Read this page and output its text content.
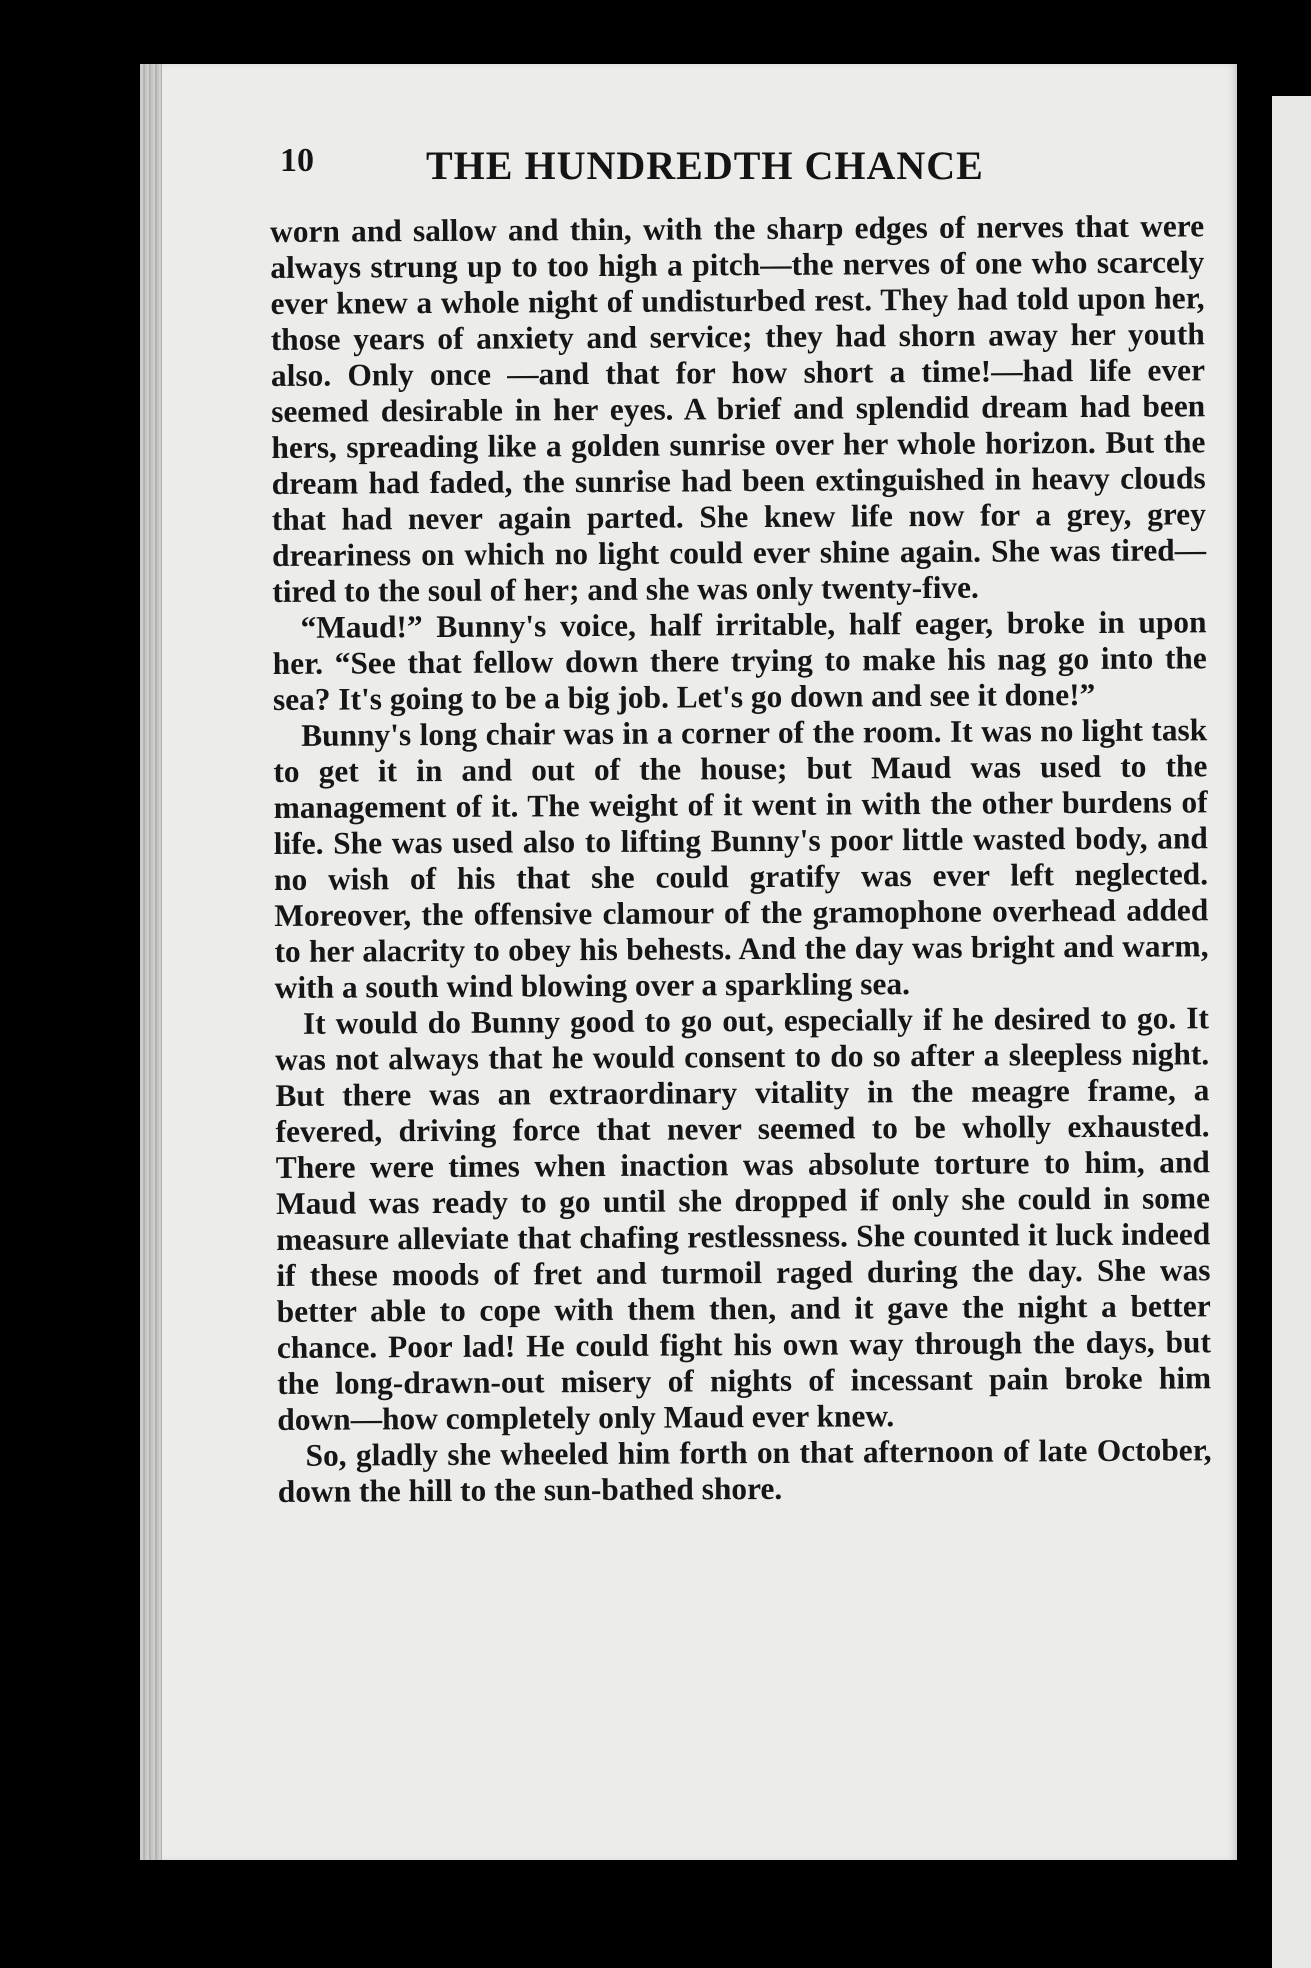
10	THE HUNDREDTH CHANCE

worn and sallow and thin, with the sharp edges of nerves that were always strung up to too high a pitch—the nerves of one who scarcely ever knew a whole night of undisturbed rest. They had told upon her, those years of anxiety and service; they had shorn away her youth also. Only once —and that for how short a time!—had life ever seemed desirable in her eyes. A brief and splendid dream had been hers, spreading like a golden sunrise over her whole horizon. But the dream had faded, the sunrise had been extinguished in heavy clouds that had never again parted. She knew life now for a grey, grey dreariness on which no light could ever shine again. She was tired—tired to the soul of her; and she was only twenty-five.

“Maud!” Bunny's voice, half irritable, half eager, broke in upon her. “See that fellow down there trying to make his nag go into the sea? It's going to be a big job. Let's go down and see it done!”

Bunny's long chair was in a corner of the room. It was no light task to get it in and out of the house; but Maud was used to the management of it. The weight of it went in with the other burdens of life. She was used also to lifting Bunny's poor little wasted body, and no wish of his that she could gratify was ever left neglected. Moreover, the offensive clamour of the gramophone overhead added to her alacrity to obey his behests. And the day was bright and warm, with a south wind blowing over a sparkling sea.

It would do Bunny good to go out, especially if he desired to go. It was not always that he would consent to do so after a sleepless night. But there was an extraordinary vitality in the meagre frame, a fevered, driving force that never seemed to be wholly exhausted. There were times when inaction was absolute torture to him, and Maud was ready to go until she dropped if only she could in some measure alleviate that chafing restlessness. She counted it luck indeed if these moods of fret and turmoil raged during the day. She was better able to cope with them then, and it gave the night a better chance. Poor lad! He could fight his own way through the days, but the long-drawn-out misery of nights of incessant pain broke him down—how completely only Maud ever knew.

So, gladly she wheeled him forth on that afternoon of late October, down the hill to the sun-bathed shore.
